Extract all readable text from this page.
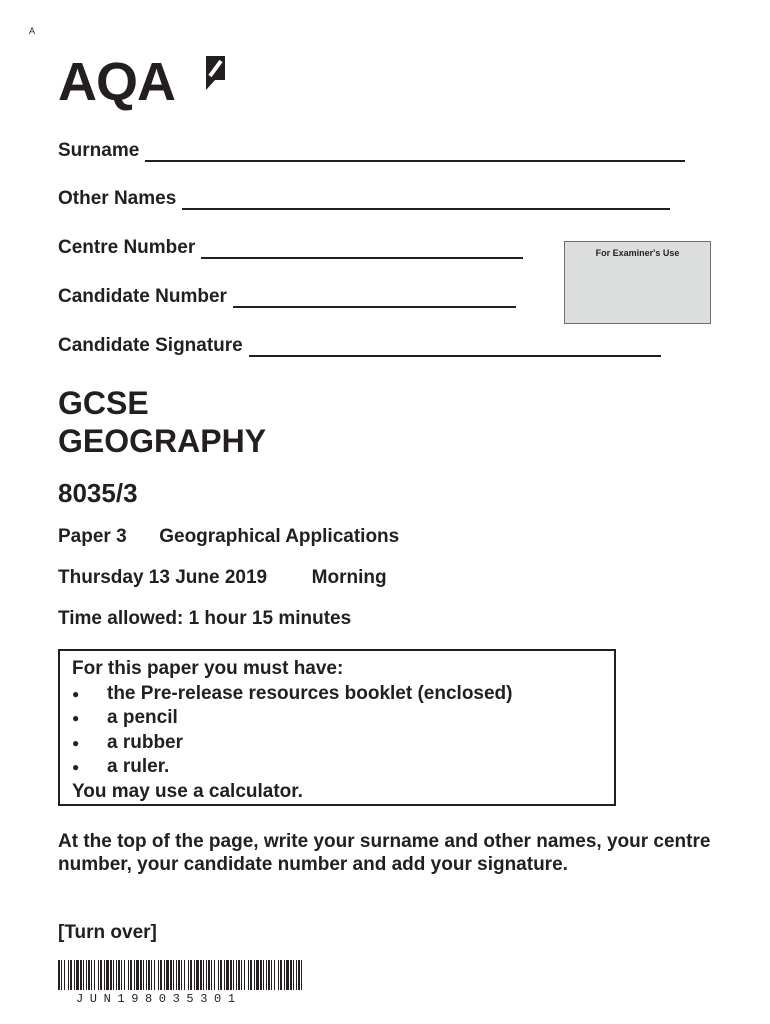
A
AQA
Surname
Other Names
Centre Number
Candidate Number
Candidate Signature
For Examiner's Use
GCSE
GEOGRAPHY
8035/3
Paper 3 Geographical Applications
Thursday 13 June 2019 Morning
Time allowed: 1 hour 15 minutes
For this paper you must have:
● the Pre-release resources booklet (enclosed)
● a pencil
● a rubber
● a ruler.
You may use a calculator.
At the top of the page, write your surname and other names, your centre number, your candidate number and add your signature.
[Turn over]
JUN198035301
